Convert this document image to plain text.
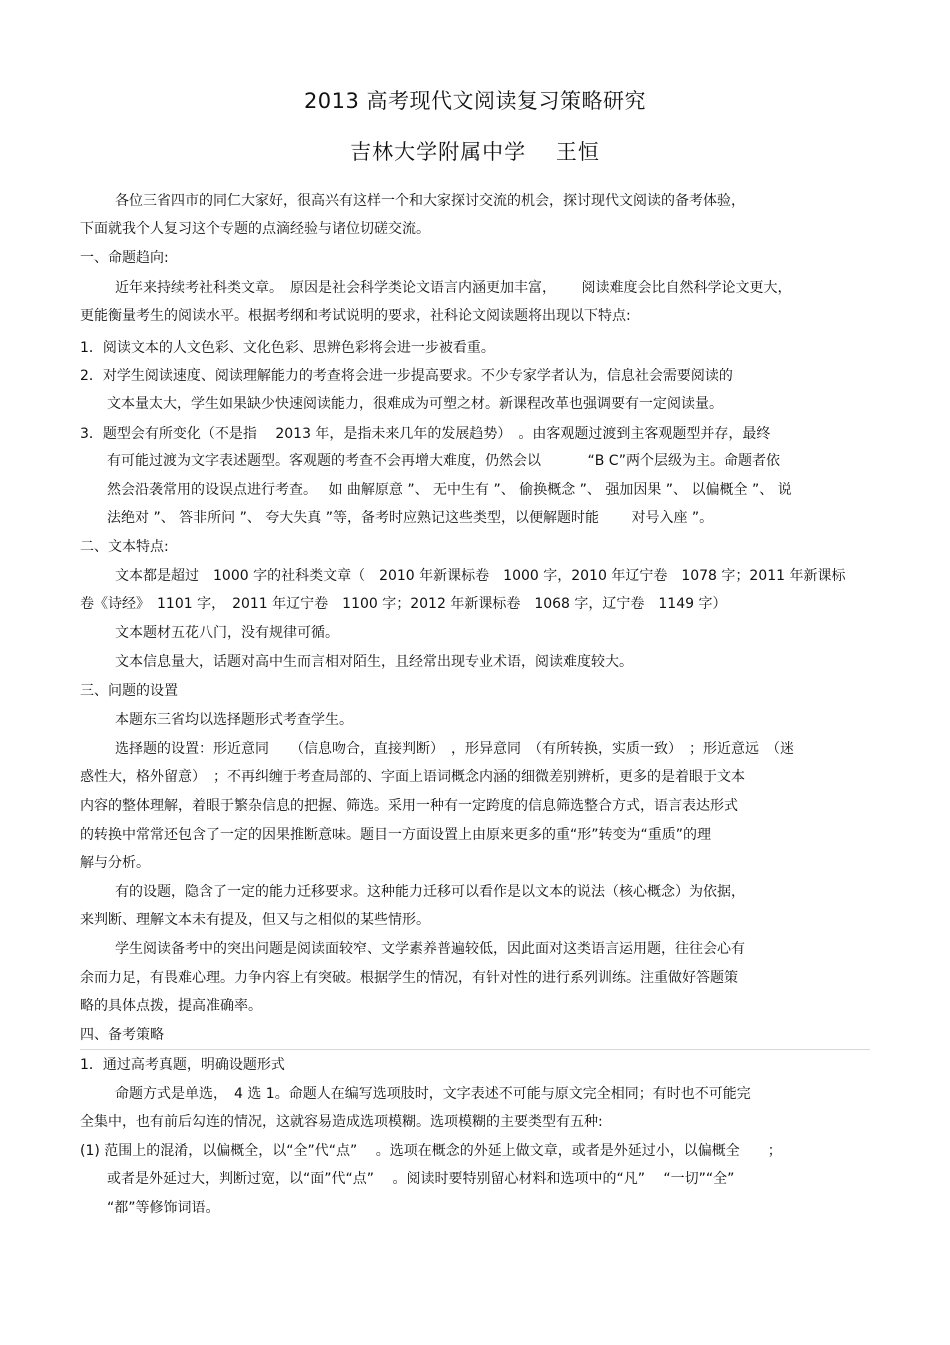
2013 高考现代文阅读复习策略研究
吉林大学附属中学　 王恒
各位三省四市的同仁大家好，很高兴有这样一个和大家探讨交流的机会，探讨现代文阅读的备考体验，
下面就我个人复习这个专题的点滴经验与诸位切磋交流。
一、命题趋向:
近年来持续考社科类文章。　原因是社会科学类论文语言内涵更加丰富，　　 阅读难度会比自然科学论文更大，
更能衡量考生的阅读水平。根据考纲和考试说明的要求，社科论文阅读题将出现以下特点:
1．阅读文本的人文色彩、文化色彩、思辨色彩将会进一步被看重。
2．对学生阅读速度、阅读理解能力的考查将会进一步提高要求。不少专家学者认为，信息社会需要阅读的
文本量太大，学生如果缺少快速阅读能力，很难成为可塑之材。新课程改革也强调要有一定阅读量。
3．题型会有所变化（不是指　 2013 年，是指未来几年的发展趋势）　。由客观题过渡到主客观题型并存，最终
有可能过渡为文字表述题型。客观题的考查不会再增大难度，仍然会以　　　 “B C”两个层级为主。命题者依
然会沿袭常用的设误点进行考查。　 如 曲解原意 ”、 无中生有 ”、 偷换概念 ”、 强加因果 ”、 以偏概全 ”、 说
法绝对 ”、 答非所问 ”、 夸大失真 ”等，备考时应熟记这些类型，以便解题时能　　 对号入座 ”。
二、文本特点:
文本都是超过　1000 字的社科类文章（　2010 年新课标卷　1000 字，2010 年辽宁卷　1078 字；2011 年新课标
卷《诗经》　1101 字，　2011 年辽宁卷　1100 字；2012 年新课标卷　1068 字，辽宁卷　1149 字）
文本题材五花八门，没有规律可循。
文本信息量大，话题对高中生而言相对陌生，且经常出现专业术语，阅读难度较大。
三、问题的设置
本题东三省均以选择题形式考查学生。
选择题的设置：形近意同　　（信息吻合，直接判断）　，形异意同　（有所转换，实质一致）　；形近意远　（迷
惑性大，格外留意）　；不再纠缠于考查局部的、字面上语词概念内涵的细微差别辨析，更多的是着眼于文本
内容的整体理解，着眼于繁杂信息的把握、筛选。采用一种有一定跨度的信息筛选整合方式，语言表达形式
的转换中常常还包含了一定的因果推断意味。题目一方面设置上由原来更多的重“形”转变为“重质”的理
解与分析。
有的设题，隐含了一定的能力迁移要求。这种能力迁移可以看作是以文本的说法（核心概念）为依据，
来判断、理解文本未有提及，但又与之相似的某些情形。
学生阅读备考中的突出问题是阅读面较窄、文学素养普遍较低，因此面对这类语言运用题，往往会心有
余而力足，有畏难心理。力争内容上有突破。根据学生的情况，有针对性的进行系列训练。注重做好答题策
略的具体点拨，提高准确率。
四、备考策略
1．通过高考真题，明确设题形式
命题方式是单选，　4 选 1。命题人在编写选项肢时，文字表述不可能与原文完全相同；有时也不可能完
全集中，也有前后勾连的情况，这就容易造成选项模糊。选项模糊的主要类型有五种:
(1) 范围上的混淆，以偏概全，以“全”代“点”　 。选项在概念的外延上做文章，或者是外延过小，以偏概全　　；
或者是外延过大，判断过宽，以“面”代“点”　 。阅读时要特别留心材料和选项中的“凡”　 “一切”“全”
“都”等修饰词语。
